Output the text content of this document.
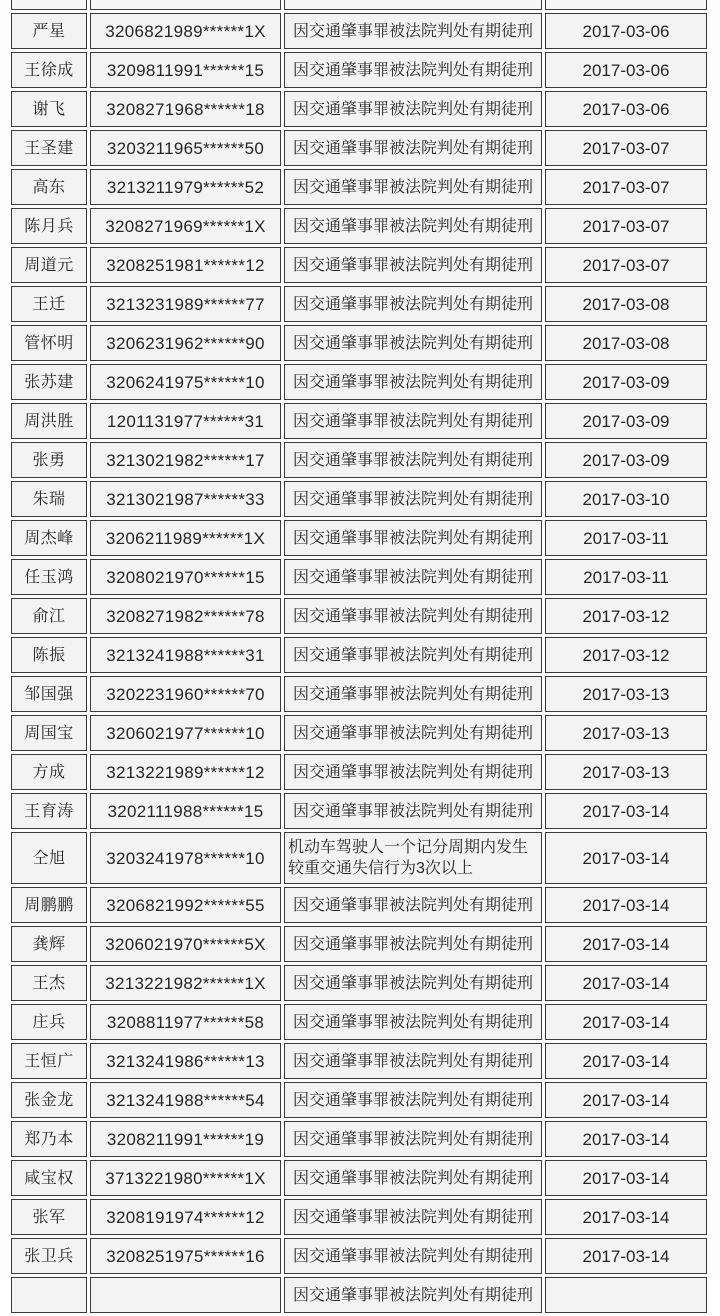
严星	3206821989******1X	因交通肇事罪被法院判处有期徒刑	2017-03-06
王徐成	3209811991******15	因交通肇事罪被法院判处有期徒刑	2017-03-06
谢飞	3208271968******18	因交通肇事罪被法院判处有期徒刑	2017-03-06
王圣建	3203211965******50	因交通肇事罪被法院判处有期徒刑	2017-03-07
高东	3213211979******52	因交通肇事罪被法院判处有期徒刑	2017-03-07
陈月兵	3208271969******1X	因交通肇事罪被法院判处有期徒刑	2017-03-07
周道元	3208251981******12	因交通肇事罪被法院判处有期徒刑	2017-03-07
王迁	3213231989******77	因交通肇事罪被法院判处有期徒刑	2017-03-08
管怀明	3206231962******90	因交通肇事罪被法院判处有期徒刑	2017-03-08
张苏建	3206241975******10	因交通肇事罪被法院判处有期徒刑	2017-03-09
周洪胜	1201131977******31	因交通肇事罪被法院判处有期徒刑	2017-03-09
张勇	3213021982******17	因交通肇事罪被法院判处有期徒刑	2017-03-09
朱瑞	3213021987******33	因交通肇事罪被法院判处有期徒刑	2017-03-10
周杰峰	3206211989******1X	因交通肇事罪被法院判处有期徒刑	2017-03-11
任玉鸿	3208021970******15	因交通肇事罪被法院判处有期徒刑	2017-03-11
俞江	3208271982******78	因交通肇事罪被法院判处有期徒刑	2017-03-12
陈振	3213241988******31	因交通肇事罪被法院判处有期徒刑	2017-03-12
邹国强	3202231960******70	因交通肇事罪被法院判处有期徒刑	2017-03-13
周国宝	3206021977******10	因交通肇事罪被法院判处有期徒刑	2017-03-13
方成	3213221989******12	因交通肇事罪被法院判处有期徒刑	2017-03-13
王育涛	3202111988******15	因交通肇事罪被法院判处有期徒刑	2017-03-14
仝旭	3203241978******10	机动车驾驶人一个记分周期内发生较重交通失信行为3次以上	2017-03-14
周鹏鹏	3206821992******55	因交通肇事罪被法院判处有期徒刑	2017-03-14
龚辉	3206021970******5X	因交通肇事罪被法院判处有期徒刑	2017-03-14
王杰	3213221982******1X	因交通肇事罪被法院判处有期徒刑	2017-03-14
庄兵	3208811977******58	因交通肇事罪被法院判处有期徒刑	2017-03-14
王恒广	3213241986******13	因交通肇事罪被法院判处有期徒刑	2017-03-14
张金龙	3213241988******54	因交通肇事罪被法院判处有期徒刑	2017-03-14
郑乃本	3208211991******19	因交通肇事罪被法院判处有期徒刑	2017-03-14
咸宝权	3713221980******1X	因交通肇事罪被法院判处有期徒刑	2017-03-14
张军	3208191974******12	因交通肇事罪被法院判处有期徒刑	2017-03-14
张卫兵	3208251975******16	因交通肇事罪被法院判处有期徒刑	2017-03-14
		因交通肇事罪被法院判处有期徒刑	
